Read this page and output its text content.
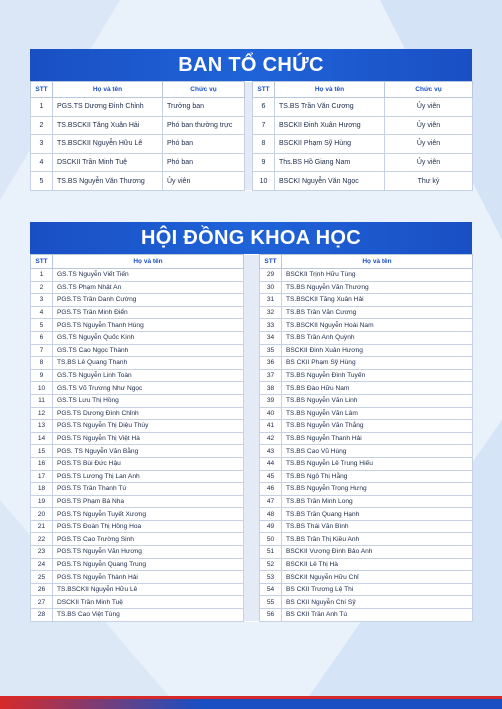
BAN TỔ CHỨC
STT	Họ và tên	Chức vụ		STT	Họ và tên	Chức vụ
1	PGS.TS Dương Đình Chỉnh	Trưởng ban		6	TS.BS Trần Văn Cương	Ủy viên
2	TS.BSCKII Tăng Xuân Hải	Phó ban thường trực		7	BSCKII Đinh Xuân Hương	Ủy viên
3	TS.BSCKII Nguyễn Hữu Lê	Phó ban		8	BSCKII Phạm Sỹ Hùng	Ủy viên
4	DSCKII Trần Minh Tuệ	Phó ban		9	Ths.BS Hồ Giang Nam	Ủy viên
5	TS.BS Nguyễn Văn Thương	Ủy viên		10	BSCKI Nguyễn Văn Ngọc	Thư ký
HỘI ĐỒNG KHOA HỌC
STT	Họ và tên		STT	Họ và tên
1	GS.TS Nguyễn Viết Tiến		29	BSCKII Trịnh Hữu Tùng
2	GS.TS Phạm Nhật An		30	TS.BS Nguyễn Văn Thương
3	PGS.TS Trần Danh Cường		31	TS.BSCKII Tăng Xuân Hải
4	PGS.TS Trần Minh Điển		32	TS.BS Trần Văn Cương
5	PGS.TS Nguyễn Thanh Hùng		33	TS.BSCKII Nguyễn Hoài Nam
6	GS.TS Nguyễn Quốc Kính		34	TS.BS Trần Anh Quỳnh
7	GS.TS Cao Ngọc Thành		35	BSCKII Đinh Xuân Hương
8	TS.BS Lê Quang Thanh		36	BS CKII Phạm Sỹ Hùng
9	GS.TS Nguyễn Linh Toàn		37	TS.BS Nguyễn Đình Tuyến
10	GS.TS Võ Trương Như Ngọc		38	TS.BS Đào Hữu Nam
11	GS.TS Lưu Thị Hồng		39	TS.BS Nguyễn Văn Linh
12	PGS.TS Dương Đình Chỉnh		40	TS.BS Nguyễn Văn Lâm
13	PGS.TS Nguyễn Thị Diệu Thúy		41	TS.BS Nguyễn Văn Thắng
14	PGS.TS Nguyễn Thị Việt Hà		42	TS.BS Nguyễn Thanh Hải
15	PGS. TS Nguyễn Văn Bằng		43	TS.BS Cao Vũ Hùng
16	PGS.TS Bùi Đức Hậu		44	TS.BS Nguyễn Lê Trung Hiếu
17	PGS.TS Lương Thị Lan Anh		45	TS.BS Ngô Thị Hằng
18	PGS.TS Trần Thanh Tú		46	TS.BS Nguyễn Trọng Hưng
19	PGS.TS Phạm Bá Nha		47	TS.BS Trần Minh Long
20	PGS.TS Nguyễn Tuyết Xương		48	TS.BS Trần Quang Hạnh
21	PGS.TS Đoàn Thị Hồng Hoa		49	TS.BS Thái Văn Bình
22	PGS.TS Cao Trường Sinh		50	TS.BS Trần Thị Kiều Anh
23	PGS.TS Nguyễn Văn Hương		51	BSCKII Vương Đình Bảo Anh
24	PGS.TS Nguyễn Quang Trung		52	BSCKII Lê Thị Hà
25	PGS.TS Nguyễn Thành Hải		53	BSCKII Nguyễn Hữu Chỉ
26	TS.BSCKII Nguyễn Hữu Lê		54	BS CKII Trương Lệ Thi
27	DSCKII Trần Minh Tuệ		55	BS CKII Nguyễn Chí Sỹ
28	TS.BS Cao Việt Tùng		56	BS CKII Trần Anh Tú
